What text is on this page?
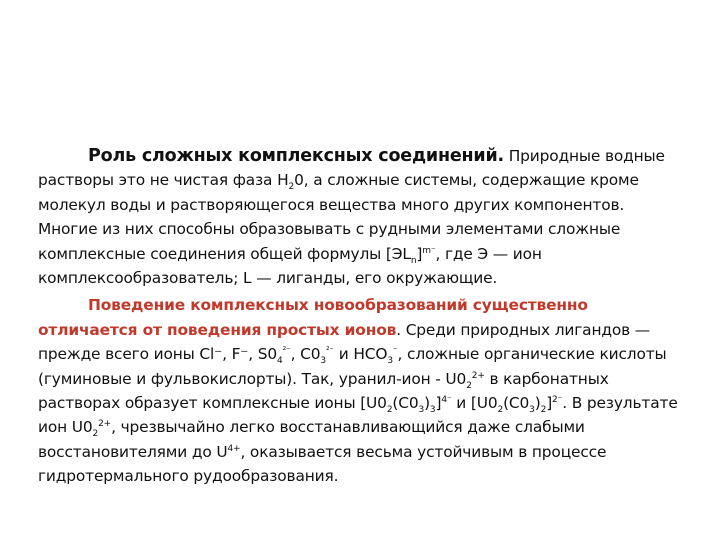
Роль сложных комплексных соединений. Природные водные растворы это не чистая фаза $H_20$, а сложные системы, содержащие кроме молекул воды и растворяющегося вещества много других компонентов. Многие из них способны образовывать с рудными элементами сложные комплексные соединения общей формулы $[ЭL_n]^{m^-}$, где Э — ион комплексообразователь; L — лиганды, его окружающие.

Поведение комплексных новообразований существенно отличается от поведения простых ионов. Среди природных лигандов — прежде всего ионы Cl⁻, F⁻, $S0_4^{^{2-}}$, $C0_3^{^{2-}}$ и $HCO_3^{^-}$, сложные органические кислоты (гуминовые и фульвокислорты). Так, уранил-ион - $U0_2^{2+}$ в карбонатных растворах образует комплексные ионы $[U0_2(C0_3)_3]^{4^-}$ и $[U0_2(C0_3)_2]^{2^-}$. В результате ион $U0_2^{2+}$, чрезвычайно легко восстанавливающийся даже слабыми восстановителями до $U^{4+}$, оказывается весьма устойчивым в процессе гидротермального рудообразования.
